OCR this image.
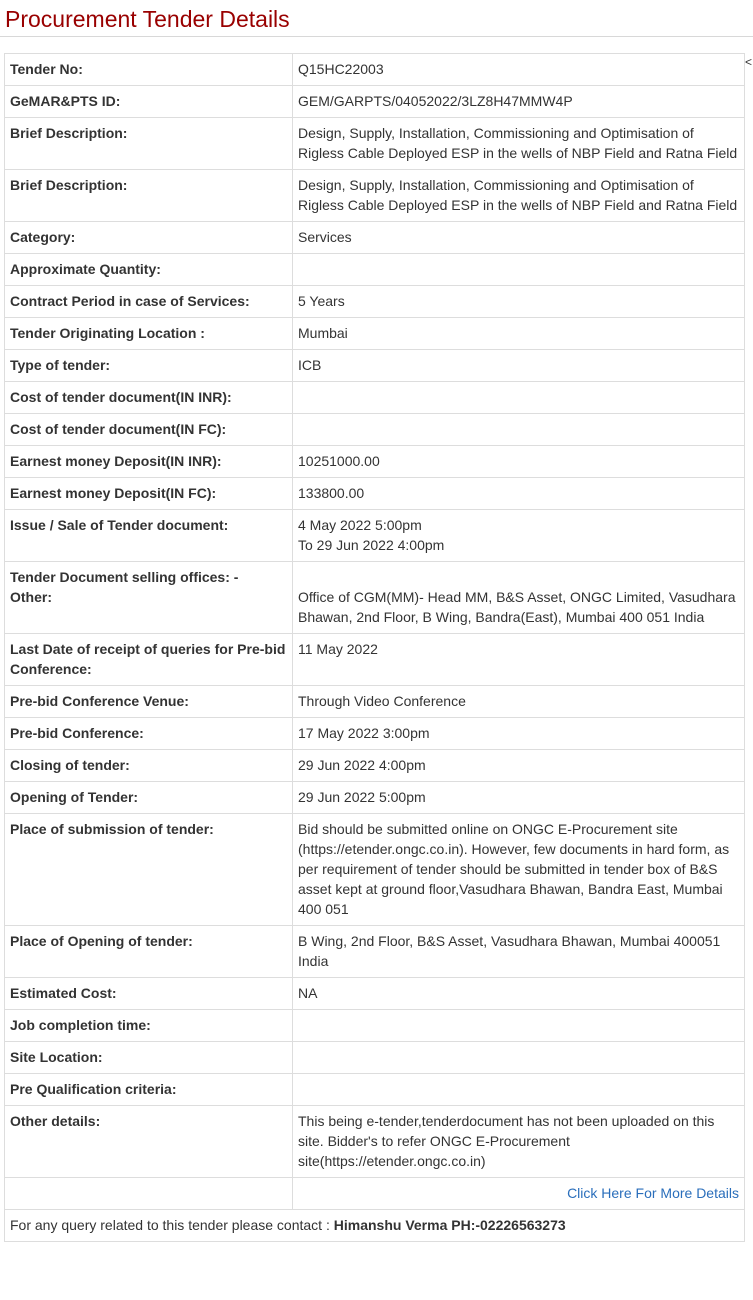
Procurement Tender Details
<
Tender No:	Q15HC22003
GeMAR&PTS ID:	GEM/GARPTS/04052022/3LZ8H47MMW4P
Brief Description:	Design, Supply, Installation, Commissioning and Optimisation of Rigless Cable Deployed ESP in the wells of NBP Field and Ratna Field
Brief Description:	Design, Supply, Installation, Commissioning and Optimisation of Rigless Cable Deployed ESP in the wells of NBP Field and Ratna Field
Category:	Services
Approximate Quantity:	
Contract Period in case of Services:	5 Years
Tender Originating Location :	Mumbai
Type of tender:	ICB
Cost of tender document(IN INR):	
Cost of tender document(IN FC):	
Earnest money Deposit(IN INR):	10251000.00
Earnest money Deposit(IN FC):	133800.00
Issue / Sale of Tender document:	4 May 2022 5:00pm
To 29 Jun 2022 4:00pm

Tender Document selling offices: -
Other:	Office of CGM(MM)- Head MM, B&S Asset, ONGC Limited, Vasudhara Bhawan, 2nd Floor, B Wing, Bandra(East), Mumbai 400 051 India

Last Date of receipt of queries for Pre-bid Conference:	11 May 2022
Pre-bid Conference Venue:	Through Video Conference
Pre-bid Conference:	17 May 2022 3:00pm
Closing of tender:	29 Jun 2022 4:00pm
Opening of Tender:	29 Jun 2022 5:00pm
Place of submission of tender:	Bid should be submitted online on ONGC E-Procurement site (https://etender.ongc.co.in). However, few documents in hard form, as per requirement of tender should be submitted in tender box of B&S asset kept at ground floor,Vasudhara Bhawan, Bandra East, Mumbai 400 051
Place of Opening of tender:	B Wing, 2nd Floor, B&S Asset, Vasudhara Bhawan, Mumbai 400051 India
Estimated Cost:	NA
Job completion time:	
Site Location:	
Pre Qualification criteria:	
Other details:	This being e-tender,tenderdocument has not been uploaded on this site. Bidder's to refer ONGC E-Procurement site(https://etender.ongc.co.in)
	Click Here For More Details
For any query related to this tender please contact : Himanshu Verma PH:-02226563273	
